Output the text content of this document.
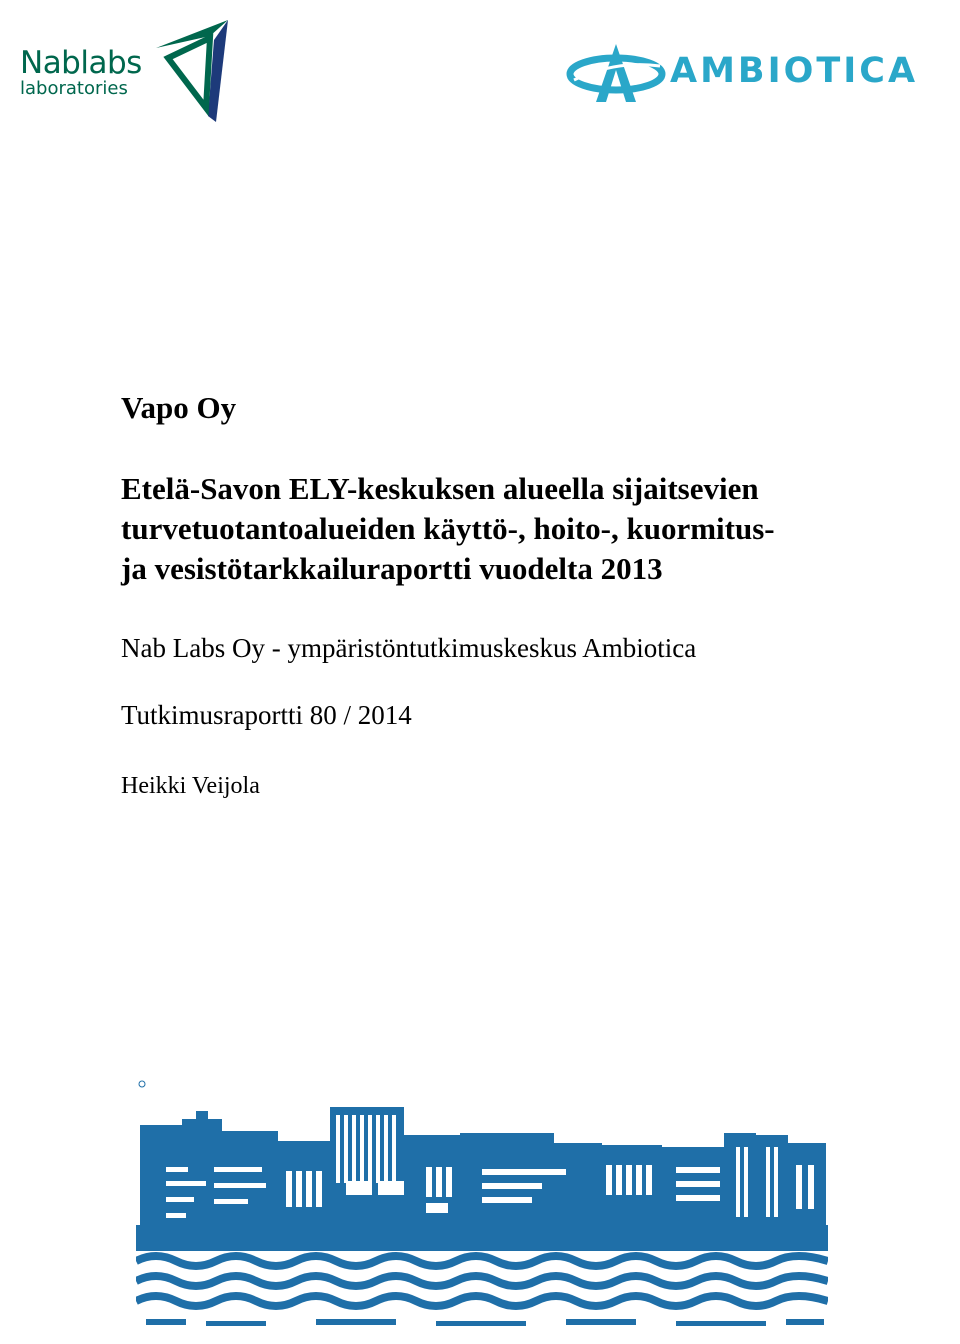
Nablabs
laboratories	AMBIOTICA
Vapo Oy
Etelä-Savon ELY-keskuksen alueella sijaitsevien
turvetuotantoalueiden käyttö-, hoito-, kuormitus-
ja vesistötarkkailuraportti vuodelta 2013
Nab Labs Oy - ympäristöntutkimuskeskus Ambiotica
Tutkimusraportti 80 / 2014
Heikki Veijola
